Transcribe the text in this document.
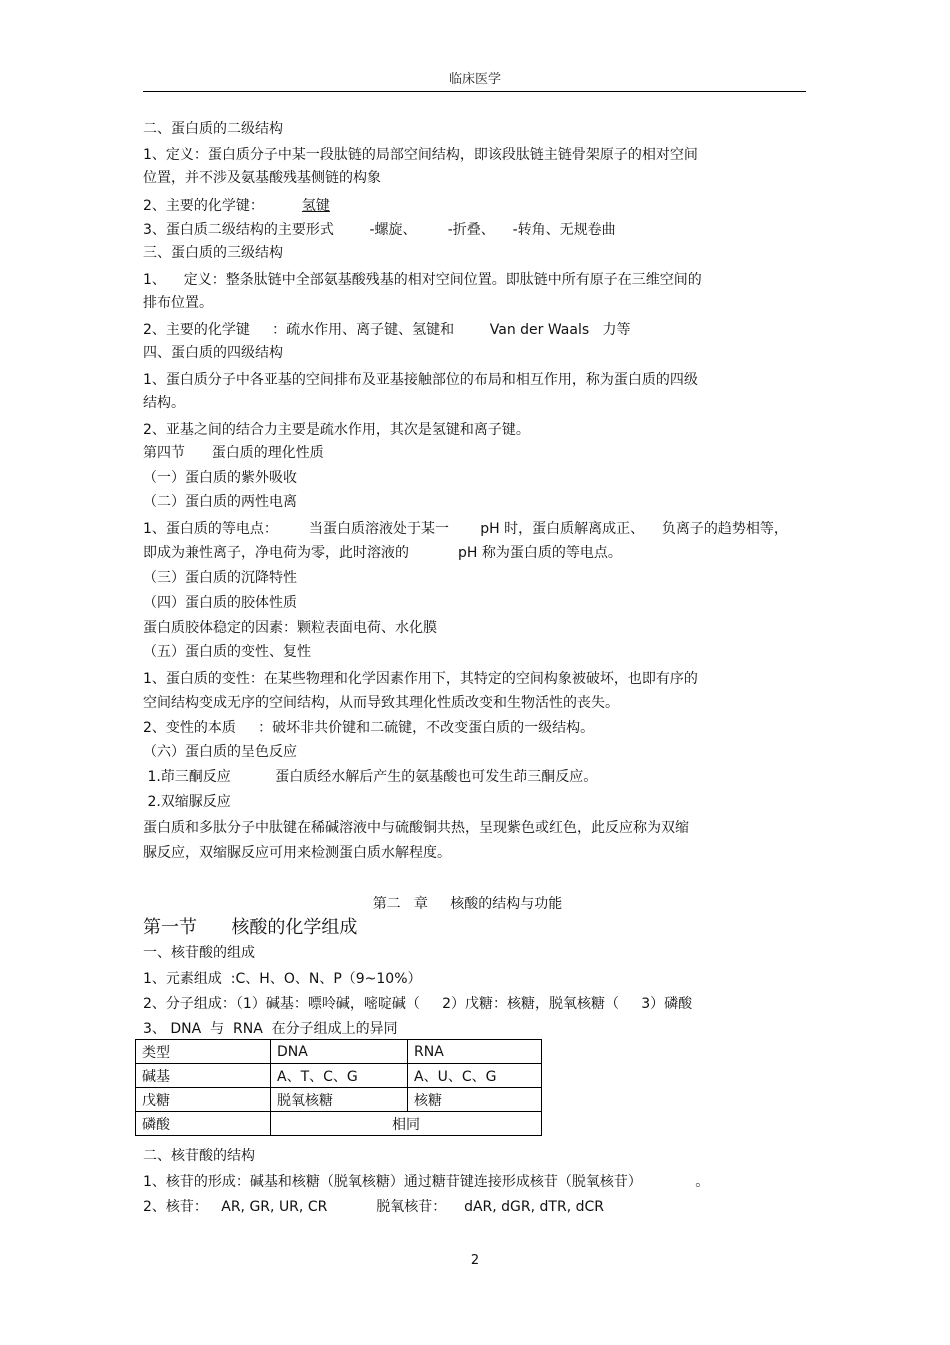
临床医学

二、蛋白质的二级结构

1、定义：蛋白质分子中某一段肽链的局部空间结构，即该段肽链主链骨架原子的相对空间

位置，并不涉及氨基酸残基侧链的构象

2、主要的化学键：	氢键

3、蛋白质二级结构的主要形式        -螺旋、       -折叠、    -转角、无规卷曲

三、蛋白质的三级结构

1、    定义：整条肽链中全部氨基酸残基的相对空间位置。即肽链中所有原子在三维空间的

排布位置。

2、主要的化学键     ：疏水作用、离子键、氢键和        Van der Waals   力等

四、蛋白质的四级结构

1、蛋白质分子中各亚基的空间排布及亚基接触部位的布局和相互作用，称为蛋白质的四级

结构。

2、亚基之间的结合力主要是疏水作用，其次是氢键和离子键。

第四节      蛋白质的理化性质

（一）蛋白质的紫外吸收

（二）蛋白质的两性电离

1、蛋白质的等电点：       当蛋白质溶液处于某一       pH 时，蛋白质解离成正、    负离子的趋势相等，

即成为兼性离子，净电荷为零，此时溶液的           pH 称为蛋白质的等电点。

（三）蛋白质的沉降特性

（四）蛋白质的胶体性质

蛋白质胶体稳定的因素：颗粒表面电荷、水化膜

（五）蛋白质的变性、复性

1、蛋白质的变性：在某些物理和化学因素作用下，其特定的空间构象被破坏，也即有序的

空间结构变成无序的空间结构，从而导致其理化性质改变和生物活性的丧失。

2、变性的本质     ：破坏非共价键和二硫键，不改变蛋白质的一级结构。

（六）蛋白质的呈色反应

1.茚三酮反应          蛋白质经水解后产生的氨基酸也可发生茚三酮反应。

2.双缩脲反应

蛋白质和多肽分子中肽键在稀碱溶液中与硫酸铜共热，呈现紫色或红色，此反应称为双缩

脲反应，双缩脲反应可用来检测蛋白质水解程度。

第二   章     核酸的结构与功能

第一节      核酸的化学组成

一、核苷酸的组成

1、元素组成  :C、H、O、N、P（9~10%）

2、分子组成：（1）碱基：嘌呤碱，嘧啶碱（     2）戊糖：核糖，脱氧核糖（     3）磷酸

3、 DNA  与  RNA  在分子组成上的异同

类型	DNA	RNA
碱基	A、T、C、G	A、U、C、G
戊糖	脱氧核糖	核糖
磷酸	相同	

二、核苷酸的结构

1、核苷的形成：碱基和核糖（脱氧核糖）通过糖苷键连接形成核苷（脱氧核苷）            。

2、核苷：   AR, GR, UR, CR           脱氧核苷：    dAR, dGR, dTR, dCR

2
